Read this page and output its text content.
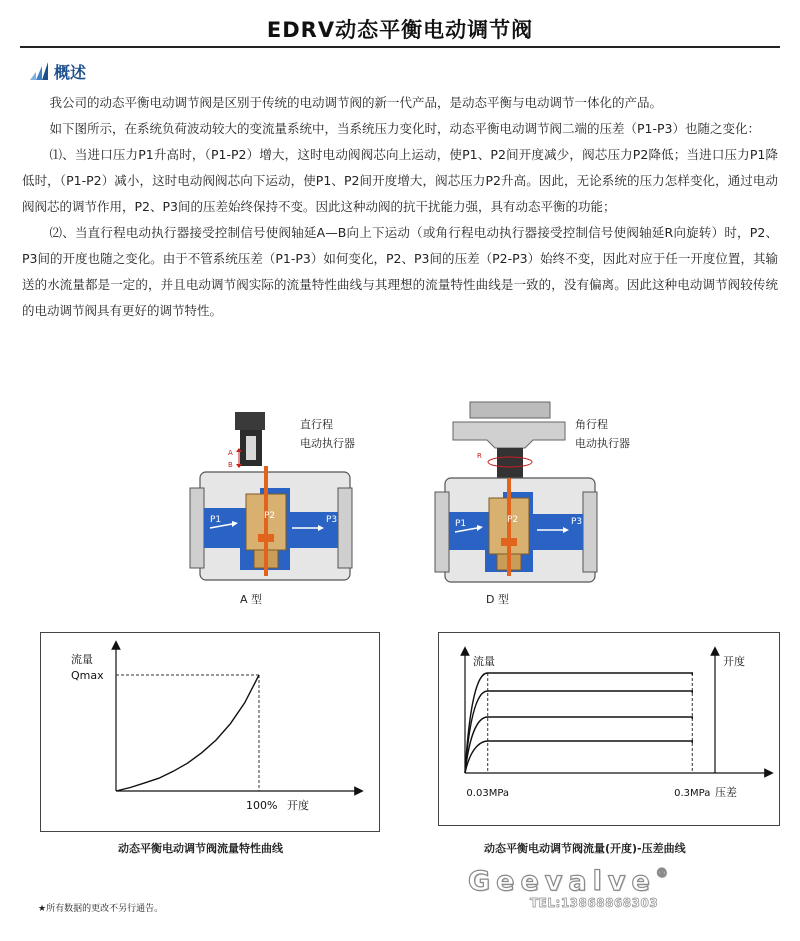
EDRV动态平衡电动调节阀
概述

我公司的动态平衡电动调节阀是区别于传统的电动调节阀的新一代产品，是动态平衡与电动调节一体化的产品。

如下图所示，在系统负荷波动较大的变流量系统中，当系统压力变化时，动态平衡电动调节阀二端的压差（P1-P3）也随之变化：

⑴、当进口压力P1升高时，（P1-P2）增大，这时电动阀阀芯向上运动，使P1、P2间开度减少，阀芯压力P2降低；当进口压力P1降低时，（P1-P2）减小，这时电动阀阀芯向下运动，使P1、P2间开度增大，阀芯压力P2升高。因此，无论系统的压力怎样变化，通过电动阀阀芯的调节作用，P2、P3间的压差始终保持不变。因此这种动阀的抗干扰能力强，具有动态平衡的功能；

⑵、当直行程电动执行器接受控制信号使阀轴延A—B向上下运动（或角行程电动执行器接受控制信号使阀轴延R向旋转）时，P2、P3间的开度也随之变化。由于不管系统压差（P1-P3）如何变化，P2、P3间的压差（P2-P3）始终不变，因此对应于任一开度位置，其输送的水流量都是一定的，并且电动调节阀实际的流量特性曲线与其理想的流量特性曲线是一致的，没有偏离。因此这种电动调节阀较传统的电动调节阀具有更好的调节特性。

A
B
P1	P2	P3
直行程
电动执行器
A 型
R
P1	P2	P3
角行程
电动执行器
D 型
流量
Qmax
100% 开度
动态平衡电动调节阀流量特性曲线
流量	开度
0.03MPa	0.3MPa 压差
动态平衡电动调节阀流量(开度)-压差曲线
Geevalve®
TEL:13868868303
★所有数据的更改不另行通告。
